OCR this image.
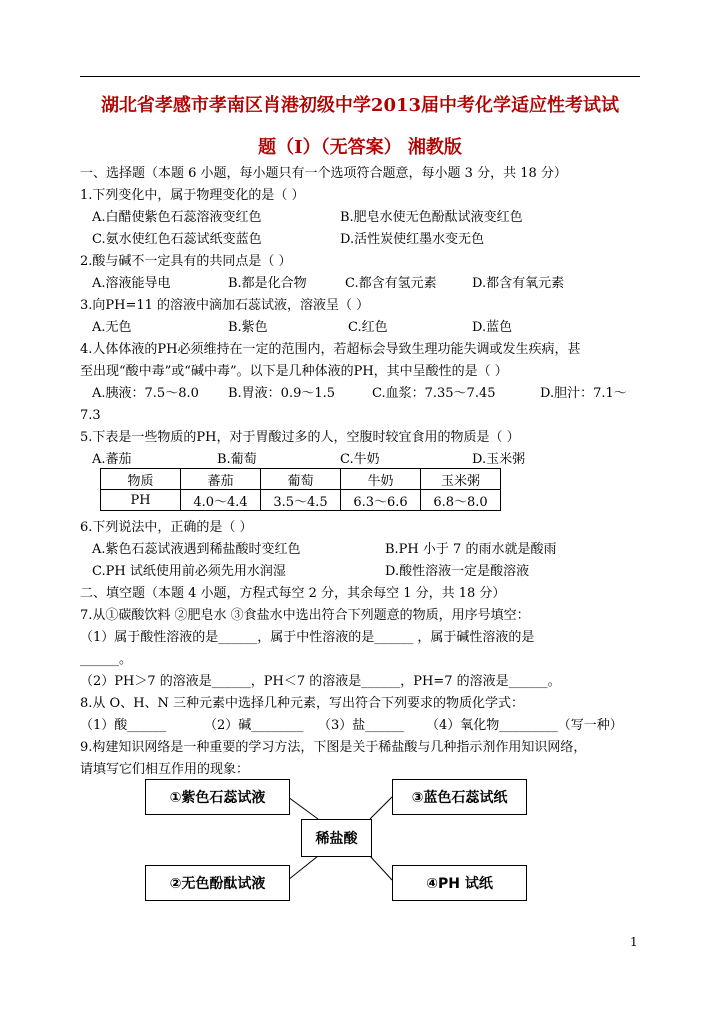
湖北省孝感市孝南区肖港初级中学2013届中考化学适应性考试试
题（I）（无答案） 湘教版
一、选择题（本题 6 小题，每小题只有一个选项符合题意，每小题 3 分，共 18 分）
1.下列变化中，属于物理变化的是（ ）
A.白醋使紫色石蕊溶液变红色	B.肥皂水使无色酚酞试液变红色
C.氨水使红色石蕊试纸变蓝色	D.活性炭使红墨水变无色
2.酸与碱不一定具有的共同点是（ ）
A.溶液能导电	B.都是化合物	C.都含有氢元素	D.都含有氧元素
3.向PH=11 的溶液中滴加石蕊试液，溶液呈（ ）
A.无色	B.紫色	C.红色	D.蓝色
4.人体体液的PH必须维持在一定的范围内，若超标会导致生理功能失调或发生疾病，甚
至出现“酸中毒”或“碱中毒”。以下是几种体液的PH，其中呈酸性的是（ ）
A.胰液：7.5～8.0 B.胃液：0.9～1.5	C.血浆：7.35～7.45	D.胆汁：7.1～
7.3
5.下表是一些物质的PH，对于胃酸过多的人，空腹时较宜食用的物质是（ ）
A.蕃茄	B.葡萄	C.牛奶	D.玉米粥
物质	蕃茄	葡萄	牛奶	玉米粥
PH	4.0～4.4	3.5～4.5	6.3～6.6	6.8～8.0
6.下列说法中，正确的是（ ）
A.紫色石蕊试液遇到稀盐酸时变红色	B.PH 小于 7 的雨水就是酸雨
C.PH 试纸使用前必须先用水润湿	D.酸性溶液一定是酸溶液
二、填空题（本题 4 小题，方程式每空 2 分，其余每空 1 分，共 18 分）
7.从①碳酸饮料 ②肥皂水 ③食盐水中选出符合下列题意的物质，用序号填空：
（1）属于酸性溶液的是______，属于中性溶液的是______ ，属于碱性溶液的是
______。
（2）PH＞7 的溶液是______，PH＜7 的溶液是______，PH=7 的溶液是______。
8.从 O、H、N 三种元素中选择几种元素，写出符合下列要求的物质化学式：
（1）酸______	（2）碱________ （3）盐______ （4）氧化物_________（写一种）
9.构建知识网络是一种重要的学习方法，下图是关于稀盐酸与几种指示剂作用知识网络，
请填写它们相互作用的现象：
①紫色石蕊试液	③蓝色石蕊试纸
稀盐酸
②无色酚酞试液	④PH 试纸
1
